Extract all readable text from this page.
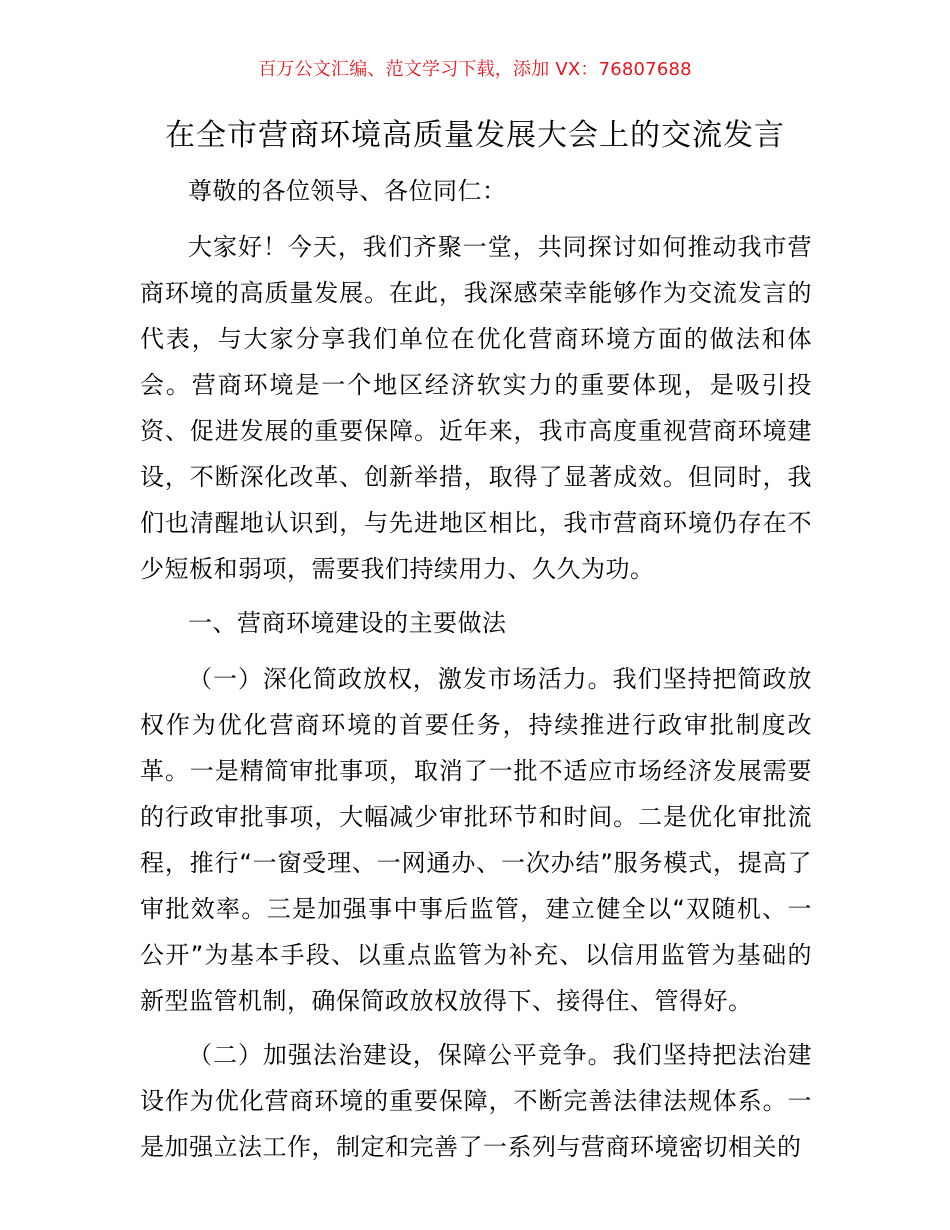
百万公文汇编、范文学习下载，添加 VX：76807688
在全市营商环境高质量发展大会上的交流发言

尊敬的各位领导、各位同仁：

大家好！今天，我们齐聚一堂，共同探讨如何推动我市营商环境的高质量发展。在此，我深感荣幸能够作为交流发言的代表，与大家分享我们单位在优化营商环境方面的做法和体会。营商环境是一个地区经济软实力的重要体现，是吸引投资、促进发展的重要保障。近年来，我市高度重视营商环境建设，不断深化改革、创新举措，取得了显著成效。但同时，我们也清醒地认识到，与先进地区相比，我市营商环境仍存在不少短板和弱项，需要我们持续用力、久久为功。

一、营商环境建设的主要做法

（一）深化简政放权，激发市场活力。我们坚持把简政放权作为优化营商环境的首要任务，持续推进行政审批制度改革。一是精简审批事项，取消了一批不适应市场经济发展需要的行政审批事项，大幅减少审批环节和时间。二是优化审批流程，推行“一窗受理、一网通办、一次办结”服务模式，提高了审批效率。三是加强事中事后监管，建立健全以“双随机、一公开”为基本手段、以重点监管为补充、以信用监管为基础的新型监管机制，确保简政放权放得下、接得住、管得好。

（二）加强法治建设，保障公平竞争。我们坚持把法治建设作为优化营商环境的重要保障，不断完善法律法规体系。一是加强立法工作，制定和完善了一系列与营商环境密切相关的
